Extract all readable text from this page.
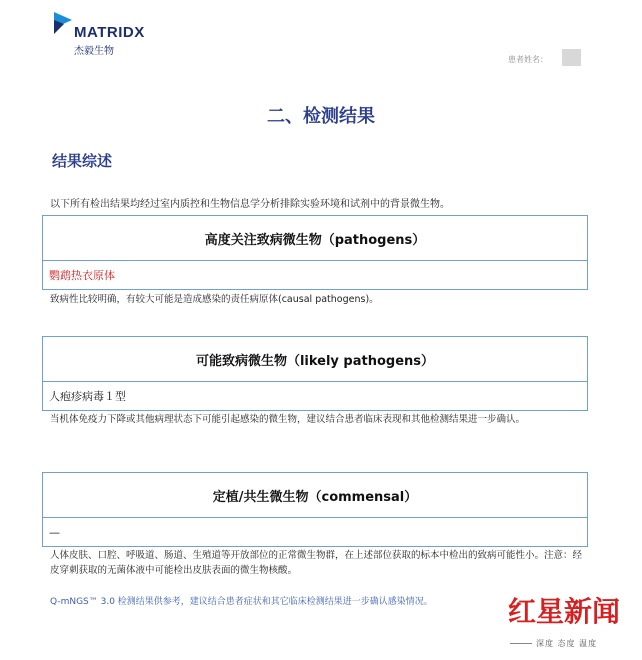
MATRIDX
杰毅生物
患者姓名：
二、检测结果
结果综述
以下所有检出结果均经过室内质控和生物信息学分析排除实验环境和试剂中的背景微生物。
高度关注致病微生物（pathogens）
鹦鹉热衣原体
致病性比较明确，有较大可能是造成感染的责任病原体(causal pathogens)。
可能致病微生物（likely pathogens）
人疱疹病毒１型
当机体免疫力下降或其他病理状态下可能引起感染的微生物，建议结合患者临床表现和其他检测结果进一步确认。
定植/共生微生物（commensal）
—
人体皮肤、口腔、呼吸道、肠道、生殖道等开放部位的正常微生物群，在上述部位获取的标本中检出的致病可能性小。注意：经皮穿刺获取的无菌体液中可能检出皮肤表面的微生物核酸。
Q-mNGS™ 3.0 检测结果供参考，建议结合患者症状和其它临床检测结果进一步确认感染情况。	红星新闻
深度 态度 温度
